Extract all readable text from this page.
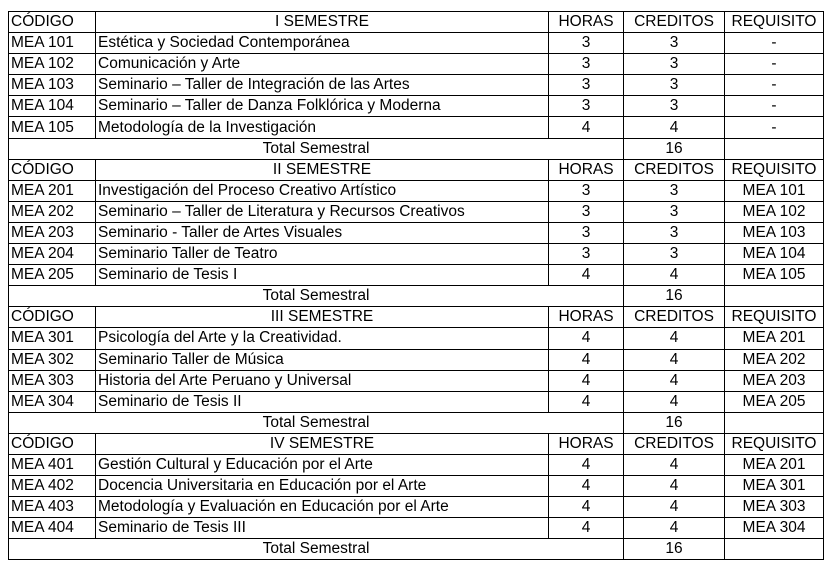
CÓDIGO	I SEMESTRE	HORAS	CREDITOS	REQUISITO
MEA 101	Estética y Sociedad Contemporánea	3	3	-
MEA 102	Comunicación y Arte	3	3	-
MEA 103	Seminario – Taller de Integración de las Artes	3	3	-
MEA 104	Seminario – Taller de Danza Folklórica y Moderna	3	3	-
MEA 105	Metodología de la Investigación	4	4	-
Total Semestral			16	
CÓDIGO	II SEMESTRE	HORAS	CREDITOS	REQUISITO
MEA 201	Investigación del Proceso Creativo Artístico	3	3	MEA 101
MEA 202	Seminario – Taller de Literatura y Recursos Creativos	3	3	MEA 102
MEA 203	Seminario - Taller de Artes Visuales	3	3	MEA 103
MEA 204	Seminario Taller de Teatro	3	3	MEA 104
MEA 205	Seminario de Tesis I	4	4	MEA 105
Total Semestral			16	
CÓDIGO	III SEMESTRE	HORAS	CREDITOS	REQUISITO
MEA 301	Psicología del Arte y la Creatividad.	4	4	MEA 201
MEA 302	Seminario Taller de Música	4	4	MEA 202
MEA 303	Historia del Arte Peruano y Universal	4	4	MEA 203
MEA 304	Seminario de Tesis II	4	4	MEA 205
Total Semestral			16	
CÓDIGO	IV SEMESTRE	HORAS	CREDITOS	REQUISITO
MEA 401	Gestión Cultural y Educación por el Arte	4	4	MEA 201
MEA 402	Docencia Universitaria en Educación por el Arte	4	4	MEA 301
MEA 403	Metodología y Evaluación en Educación por el Arte	4	4	MEA 303
MEA 404	Seminario de Tesis III	4	4	MEA 304
Total Semestral			16	
